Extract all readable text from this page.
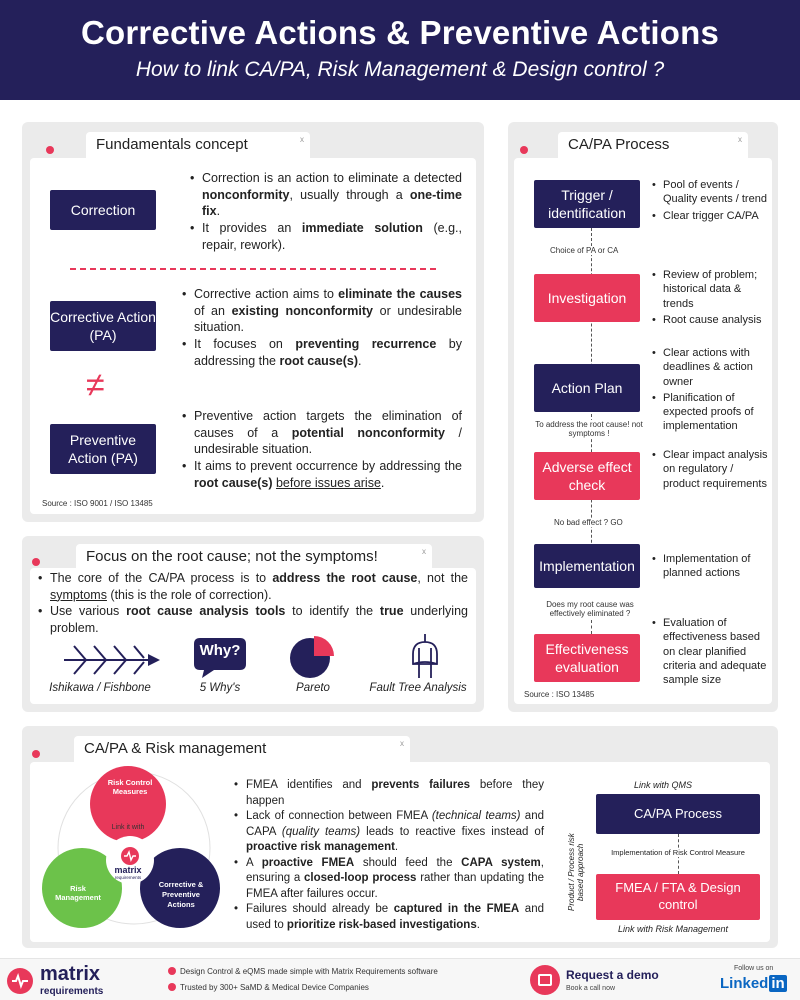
Corrective Actions & Preventive Actions
How to link CA/PA, Risk Management & Design control ?
Fundamentals concept	x
Correction
• Correction is an action to eliminate a detected nonconformity, usually through a one-time fix.
• It provides an immediate solution (e.g., repair, rework).
Corrective Action (PA)
• Corrective action aims to eliminate the causes of an existing nonconformity or undesirable situation.
• It focuses on preventing recurrence by addressing the root cause(s).
≠
Preventive Action (PA)
• Preventive action targets the elimination of causes of a potential nonconformity / undesirable situation.
• It aims to prevent occurrence by addressing the root cause(s) before issues arise.
Source : ISO 9001 / ISO 13485
Focus on the root cause; not the symptoms!	x
• The core of the CA/PA process is to address the root cause, not the symptoms (this is the role of correction).
• Use various root cause analysis tools to identify the true underlying problem.
Ishikawa / Fishbone
Why?
5 Why's	Pareto	Fault Tree Analysis
CA/PA Process	x
Trigger / identification
• Pool of events / Quality events / trend
• Clear trigger CA/PA
Choice of PA or CA
Investigation
• Review of problem; historical data & trends
• Root cause analysis
Action Plan
• Clear actions with deadlines & action owner
• Planification of expected proofs of implementation
To address the root cause! not symptoms !
Adverse effect check
• Clear impact analysis on regulatory / product requirements
No bad effect ? GO
Implementation
•	Implementation of planned actions
Does my root cause was effectively eliminated ?
Effectiveness evaluation
• Evaluation of effectiveness based on clear planified criteria and adequate sample size
Source : ISO 13485
CA/PA & Risk management	x
Risk Control Measures
Risk Management
Corrective & Preventive Actions
Link it with
matrix
requirements
• FMEA identifies and prevents failures before they happen
• Lack of connection between FMEA (technical teams) and CAPA (quality teams) leads to reactive fixes instead of proactive risk management.
• A proactive FMEA should feed the CAPA system, ensuring a closed-loop process rather than updating the FMEA after failures occur.
• Failures should already be captured in the FMEA and used to prioritize risk-based investigations.
Link with QMS
Product / Process risk based approach
CA/PA Process
Implementation of Risk Control Measure
FMEA / FTA & Design control
Link with Risk Management
matrix
requirements
Design Control & eQMS made simple with Matrix Requirements software
Trusted by 300+ SaMD & Medical Device Companies
Request a demo
Book a call now
Follow us on
Linked in
